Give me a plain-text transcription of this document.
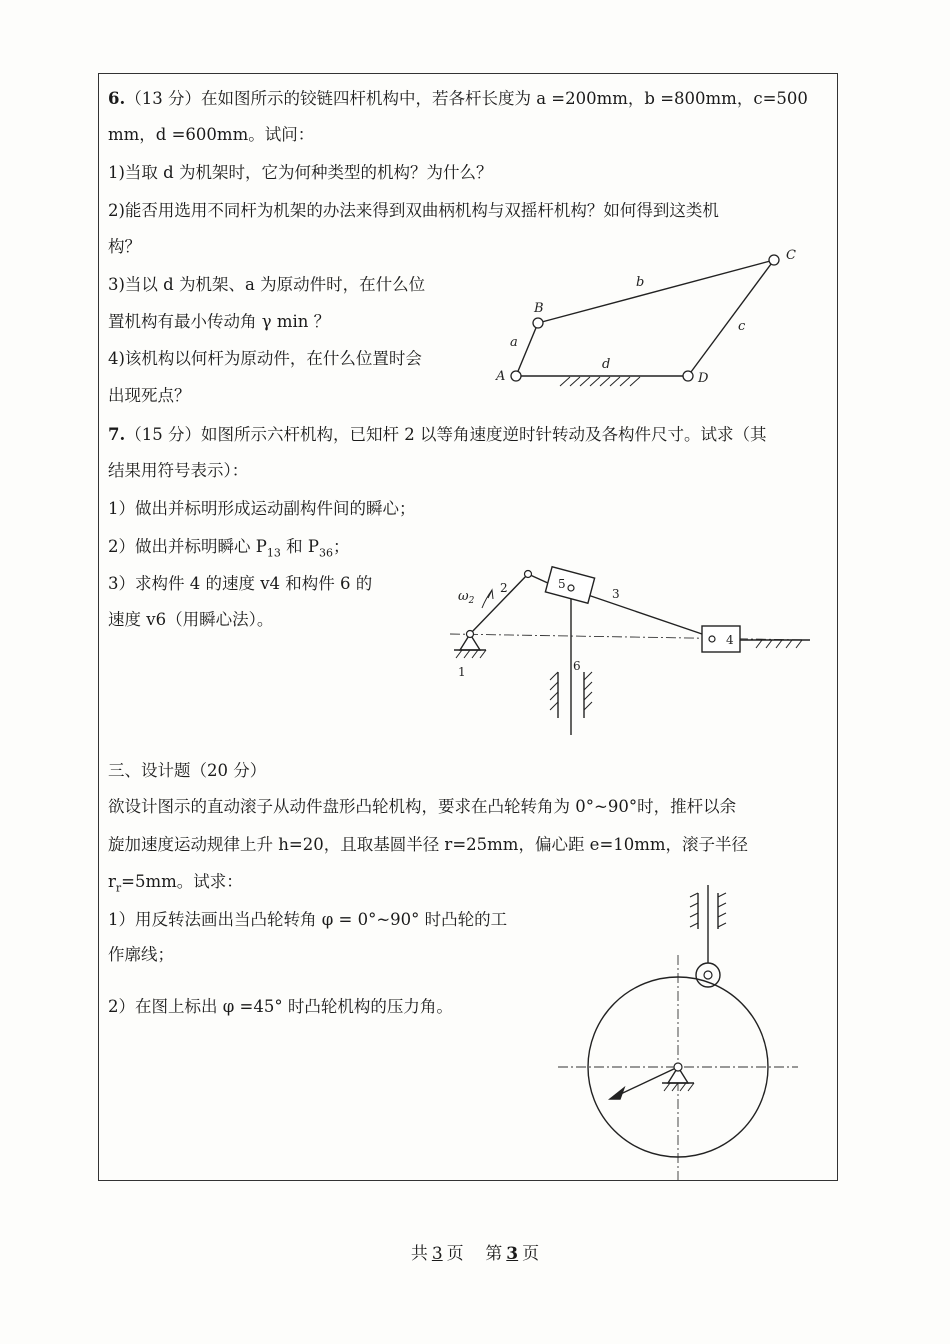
6.（13 分）在如图所示的铰链四杆机构中，若各杆长度为 a =200mm，b =800mm，c=500
mm，d =600mm。试问：
1)当取 d 为机架时，它为何种类型的机构？为什么？
2)能否用选用不同杆为机架的办法来得到双曲柄机构与双摇杆机构？如何得到这类机
构？
3)当以 d 为机架、a 为原动件时，在什么位
置机构有最小传动角 γ min ？
4)该机构以何杆为原动件，在什么位置时会
出现死点？
A
B
C
D
a
b
c
d
7.（15 分）如图所示六杆机构，已知杆 2 以等角速度逆时针转动及各构件尺寸。试求（其
结果用符号表示）：
1）做出并标明形成运动副构件间的瞬心；
2）做出并标明瞬心 $P_{13}$ 和 $P_{36}$；
3）求构件 4 的速度 v4 和构件 6 的
速度 v6（用瞬心法）。
$\omega_2$
1
2	3
4
5
6
三、设计题（20 分）
欲设计图示的直动滚子从动件盘形凸轮机构，要求在凸轮转角为 0°~90°时，推杆以余
旋加速度运动规律上升 h=20，且取基圆半径 r=25mm，偏心距 e=10mm，滚子半径
$r_r=5mm$。试求：
1）用反转法画出当凸轮转角 φ = 0°~90° 时凸轮的工
作廓线；
2）在图上标出 φ =45° 时凸轮机构的压力角。
共 3 页 第 3 页
